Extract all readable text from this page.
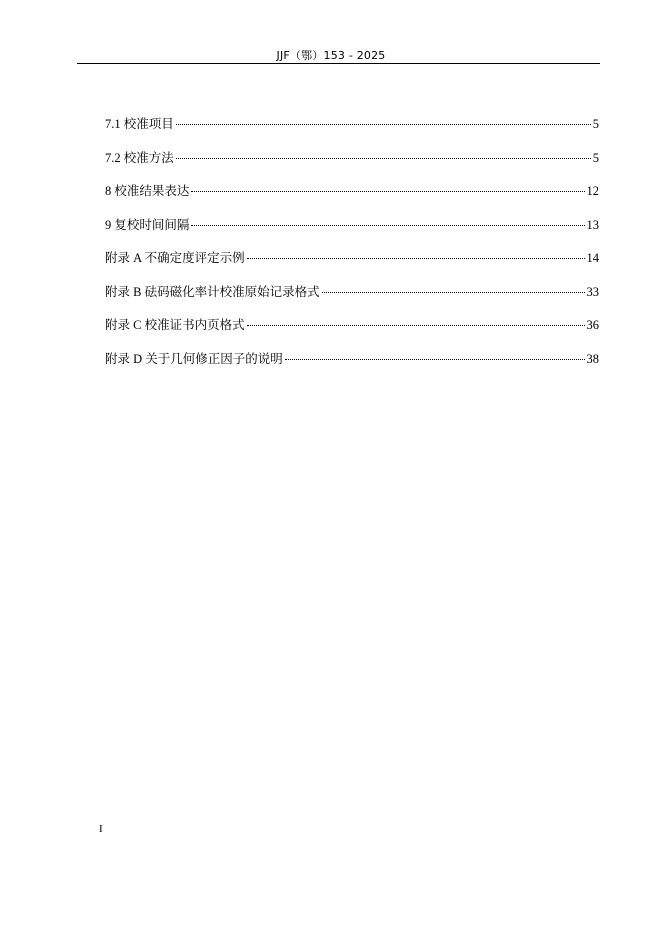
JJF（鄂）153 - 2025
7.1 校准项目	5
7.2 校准方法	5
8 校准结果表达	12
9 复校时间间隔	13
附录 A 不确定度评定示例	14
附录 B 砝码磁化率计校准原始记录格式	33
附录 C 校准证书内页格式	36
附录 D 关于几何修正因子的说明	38
I
